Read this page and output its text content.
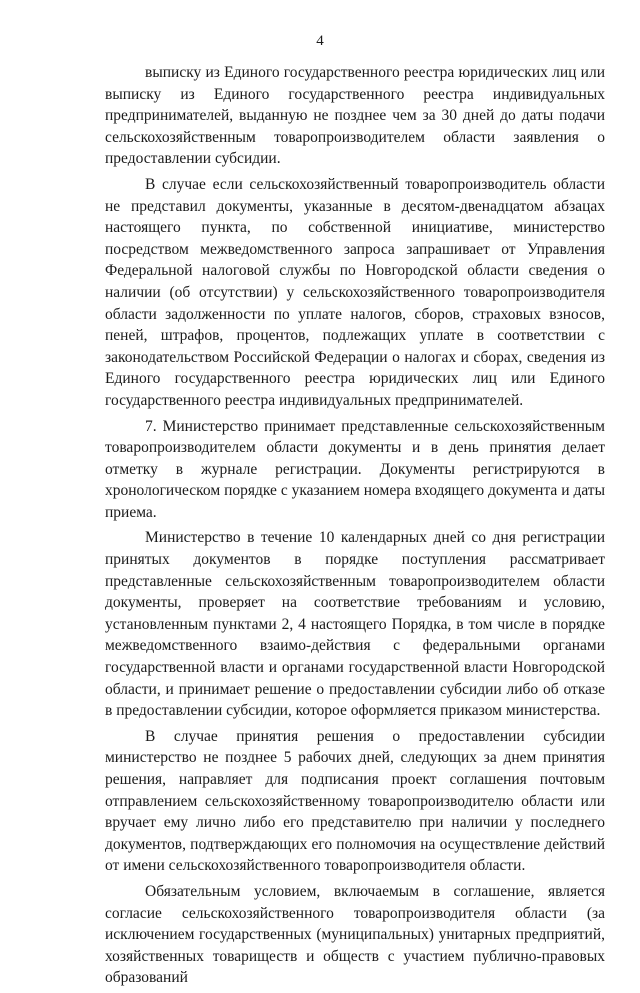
4

выписку из Единого государственного реестра юридических лиц или выписку из Единого государственного реестра индивидуальных предпринимателей, выданную не позднее чем за 30 дней до даты подачи сельскохозяйственным товаропроизводителем области заявления о предоставлении субсидии.

В случае если сельскохозяйственный товаропроизводитель области не представил документы, указанные в десятом-двенадцатом абзацах настоящего пункта, по собственной инициативе, министерство посредством межведомственного запроса запрашивает от Управления Федеральной налоговой службы по Новгородской области сведения о наличии (об отсутствии) у сельскохозяйственного товаропроизводителя области задолженности по уплате налогов, сборов, страховых взносов, пеней, штрафов, процентов, подлежащих уплате в соответствии с законодательством Российской Федерации о налогах и сборах, сведения из Единого государственного реестра юридических лиц или Единого государственного реестра индивидуальных предпринимателей.

7. Министерство принимает представленные сельскохозяйственным товаропроизводителем области документы и в день принятия делает отметку в журнале регистрации. Документы регистрируются в хронологическом порядке с указанием номера входящего документа и даты приема.

Министерство в течение 10 календарных дней со дня регистрации принятых документов в порядке поступления рассматривает представленные сельскохозяйственным товаропроизводителем области документы, проверяет на соответствие требованиям и условию, установленным пунктами 2, 4 настоящего Порядка, в том числе в порядке межведомственного взаимо-действия с федеральными органами государственной власти и органами государственной власти Новгородской области, и принимает решение о предоставлении субсидии либо об отказе в предоставлении субсидии, которое оформляется приказом министерства.

В случае принятия решения о предоставлении субсидии министерство не позднее 5 рабочих дней, следующих за днем принятия решения, направляет для подписания проект соглашения почтовым отправлением сельскохозяйственному товаропроизводителю области или вручает ему лично либо его представителю при наличии у последнего документов, подтверждающих его полномочия на осуществление действий от имени сельскохозяйственного товаропроизводителя области.

Обязательным условием, включаемым в соглашение, является согласие сельскохозяйственного товаропроизводителя области (за исключением государственных (муниципальных) унитарных предприятий, хозяйственных товариществ и обществ с участием публично-правовых образований
